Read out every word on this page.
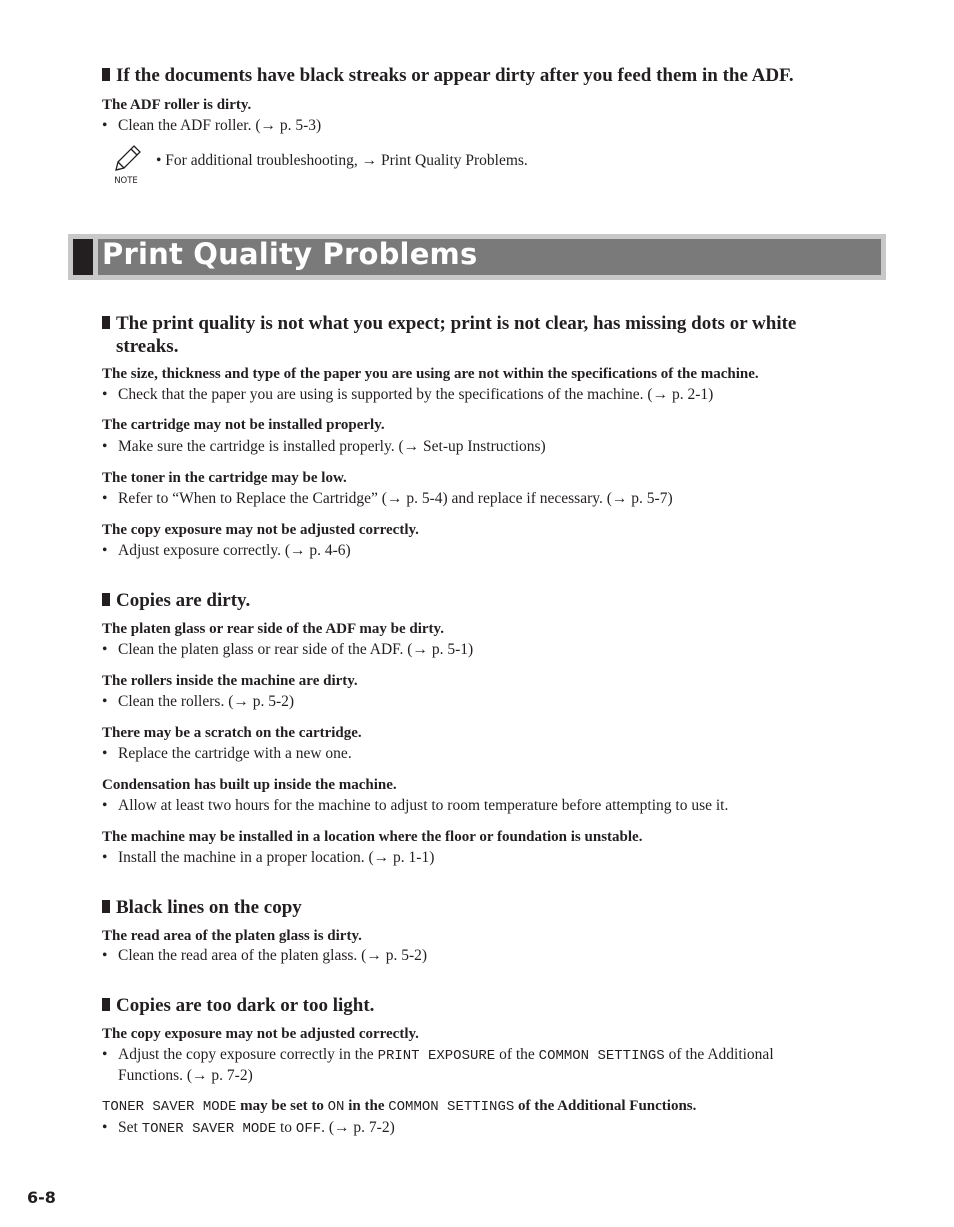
If the documents have black streaks or appear dirty after you feed them in the ADF.
The ADF roller is dirty.
• Clean the ADF roller. (→ p. 5-3)
NOTE
• For additional troubleshooting, → Print Quality Problems.
Print Quality Problems
The print quality is not what you expect; print is not clear, has missing dots or white
streaks.
The size, thickness and type of the paper you are using are not within the specifications of the machine.
• Check that the paper you are using is supported by the specifications of the machine. (→ p. 2-1)
The cartridge may not be installed properly.
• Make sure the cartridge is installed properly. (→ Set-up Instructions)
The toner in the cartridge may be low.
• Refer to “When to Replace the Cartridge” (→ p. 5-4) and replace if necessary. (→ p. 5-7)
The copy exposure may not be adjusted correctly.
• Adjust exposure correctly. (→ p. 4-6)
Copies are dirty.
The platen glass or rear side of the ADF may be dirty.
• Clean the platen glass or rear side of the ADF. (→ p. 5-1)
The rollers inside the machine are dirty.
• Clean the rollers. (→ p. 5-2)
There may be a scratch on the cartridge.
• Replace the cartridge with a new one.
Condensation has built up inside the machine.
• Allow at least two hours for the machine to adjust to room temperature before attempting to use it.
The machine may be installed in a location where the floor or foundation is unstable.
• Install the machine in a proper location. (→ p. 1-1)
Black lines on the copy
The read area of the platen glass is dirty.
• Clean the read area of the platen glass. (→ p. 5-2)
Copies are too dark or too light.
The copy exposure may not be adjusted correctly.
• Adjust the copy exposure correctly in the PRINT EXPOSURE of the COMMON SETTINGS of the Additional
Functions. (→ p. 7-2)
TONER SAVER MODE may be set to ON in the COMMON SETTINGS of the Additional Functions.
• Set TONER SAVER MODE to OFF. (→ p. 7-2)
6-8
